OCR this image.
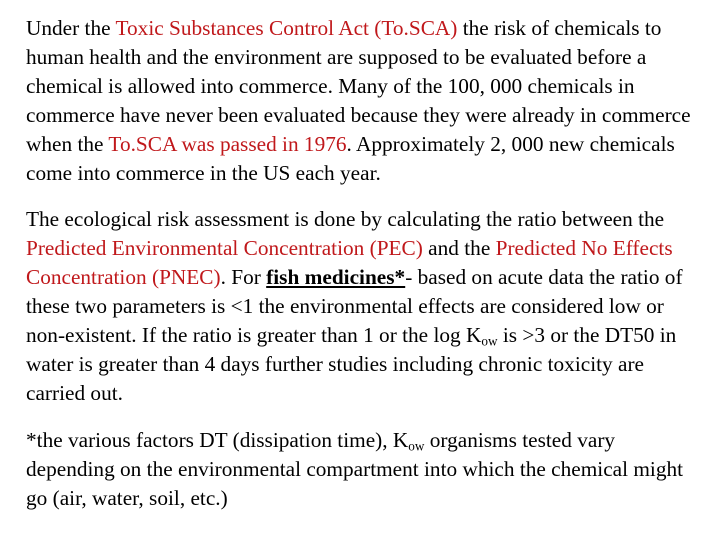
Under the Toxic Substances Control Act (To.SCA) the risk of chemicals to human health and the environment are supposed to be evaluated before a chemical is allowed into commerce. Many of the 100, 000 chemicals in commerce have never been evaluated because they were already in commerce when the To.SCA was passed in 1976. Approximately 2, 000 new chemicals come into commerce in the US each year.

The ecological risk assessment is done by calculating the ratio between the Predicted Environmental Concentration (PEC) and the Predicted No Effects Concentration (PNEC). For fish medicines*- based on acute data the ratio of these two parameters is <1 the environmental effects are considered low or non-existent. If the ratio is greater than 1 or the $\log K_{ow}$ is >3 or the DT50 in water is greater than 4 days further studies including chronic toxicity are carried out.

*the various factors DT (dissipation time), $K_{ow}$ organisms tested vary depending on the environmental compartment into which the chemical might go (air, water, soil, etc.)
